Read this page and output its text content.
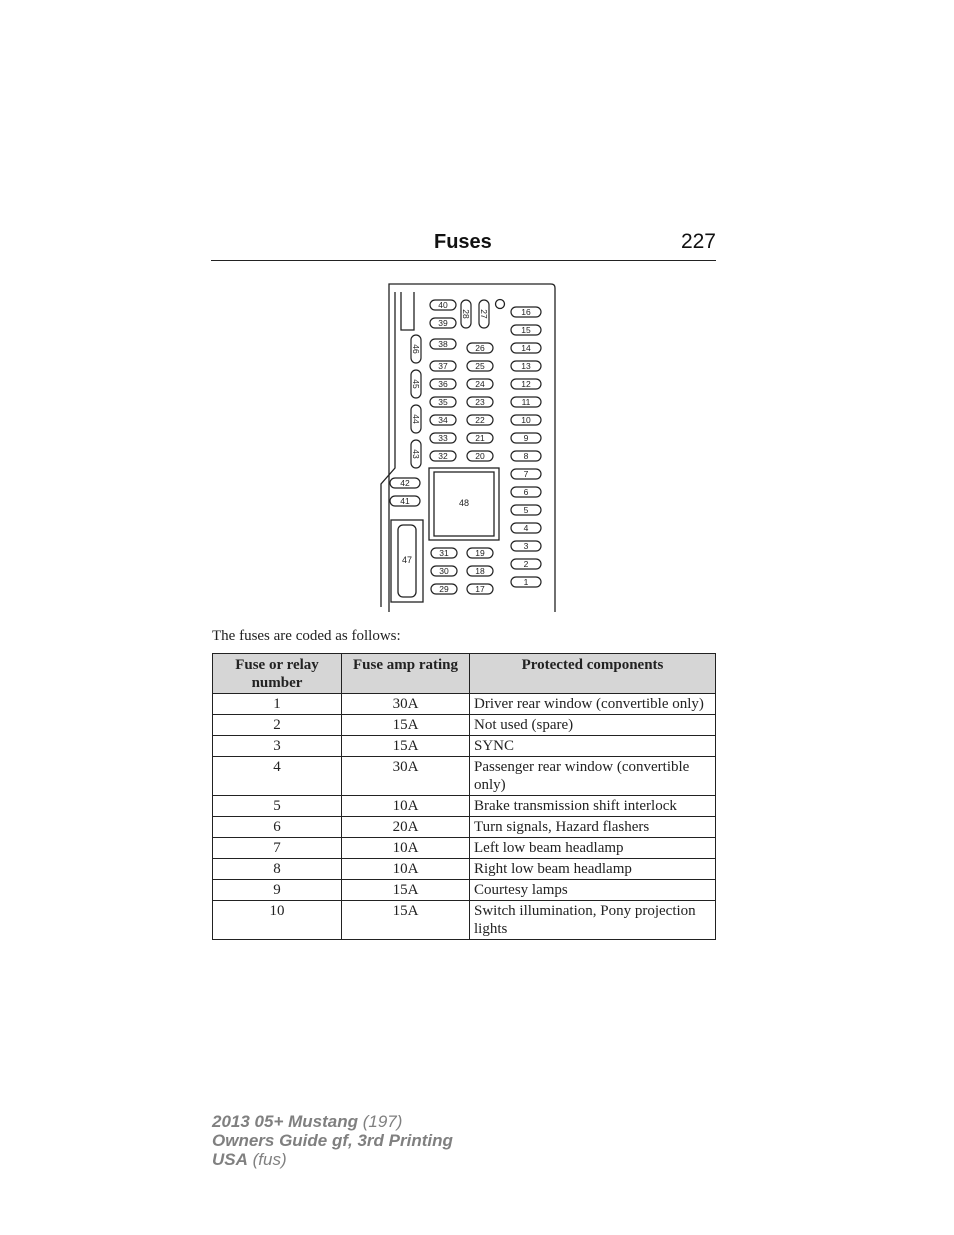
Fuses	227
40
39
38
37
36
35
34
33
32
28 27
26
25
24
23
22
21
20
16
15
14
13
12
11
10
9
8
7
6
5
4
3
2
1
46
45
44
43
42
41
31
30
29
19
18
17
48
47
The fuses are coded as follows:
Fuse or relay number	Fuse amp rating	Protected components
1	30A	Driver rear window (convertible only)
2	15A	Not used (spare)
3	15A	SYNC
4	30A	Passenger rear window (convertible only)
5	10A	Brake transmission shift interlock
6	20A	Turn signals, Hazard flashers
7	10A	Left low beam headlamp
8	10A	Right low beam headlamp
9	15A	Courtesy lamps
10	15A	Switch illumination, Pony projection lights
2013 05+ Mustang (197)
Owners Guide gf, 3rd Printing
USA (fus)
